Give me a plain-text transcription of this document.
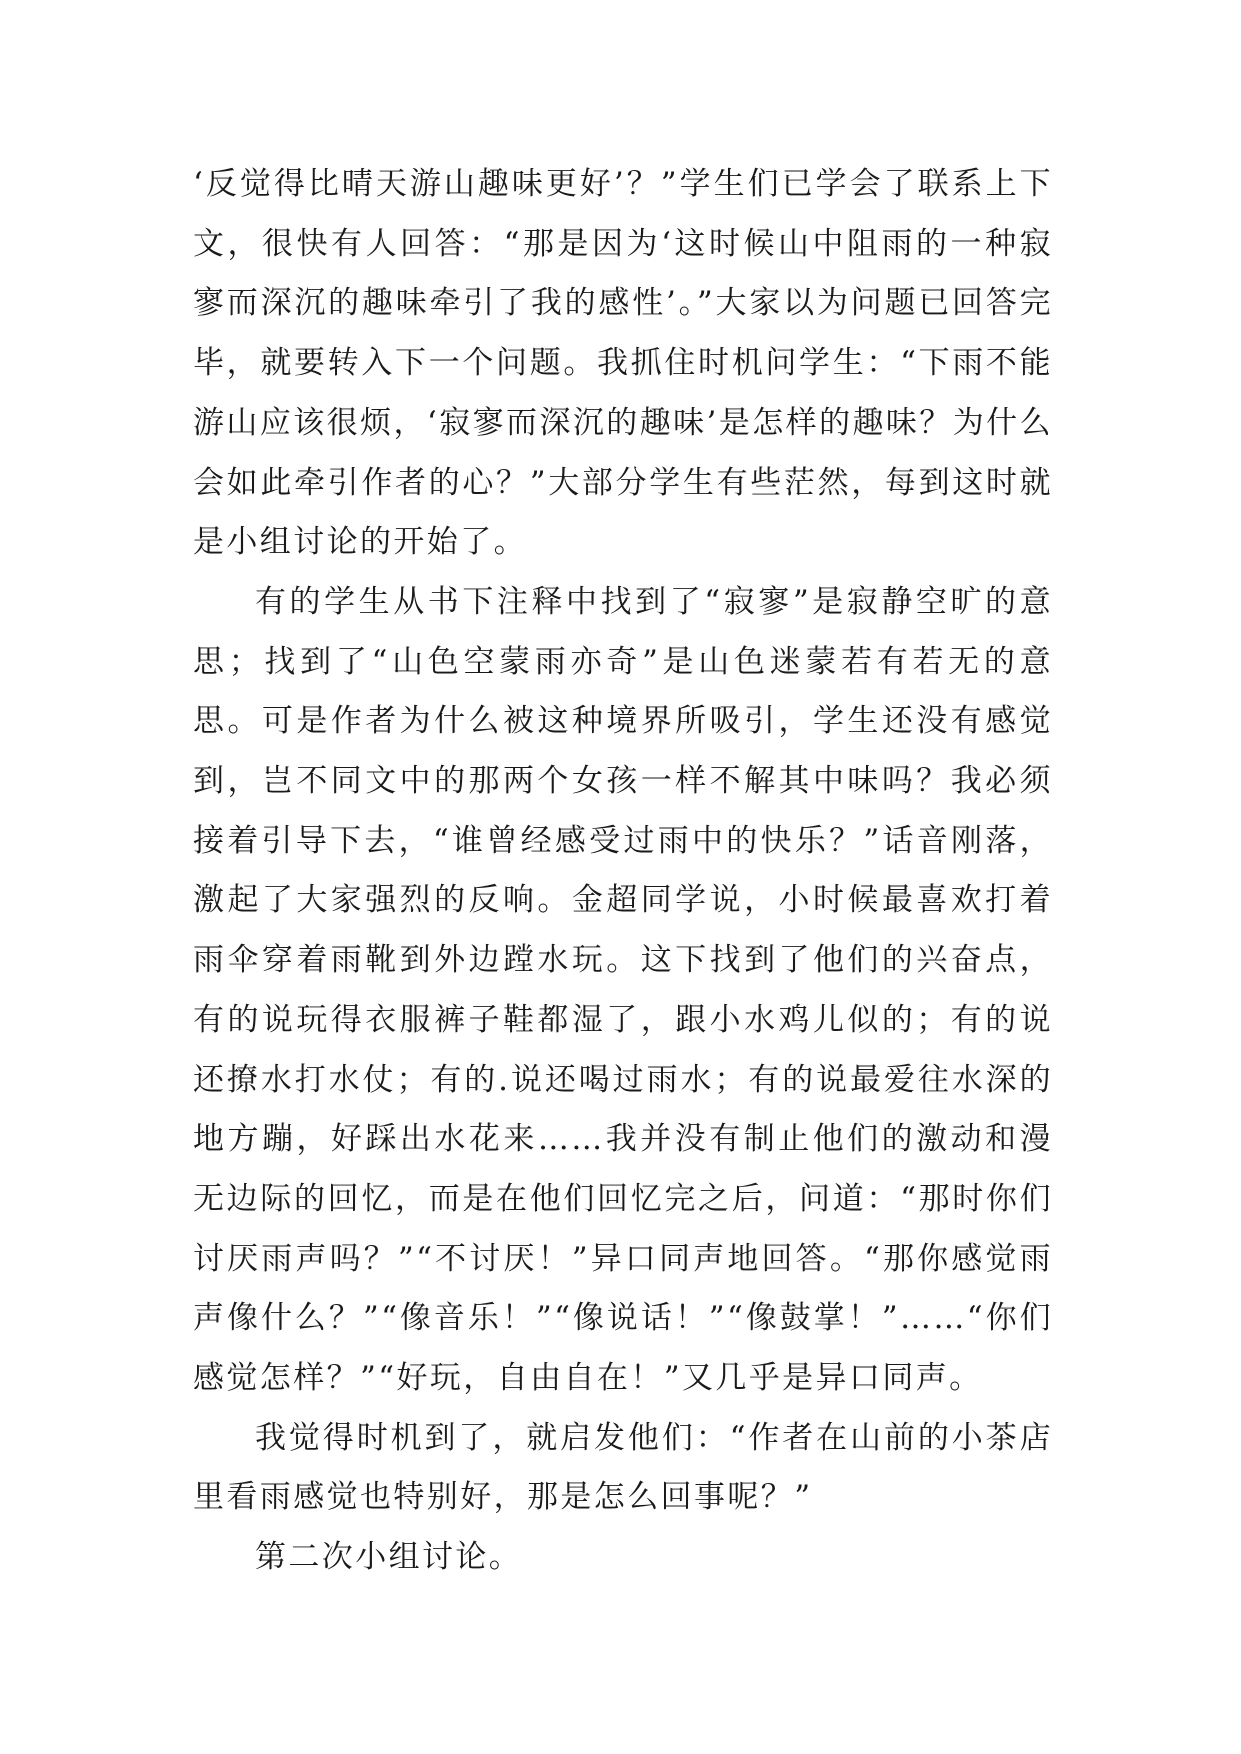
‘反觉得比晴天游山趣味更好’？”学生们已学会了联系上下文，很快有人回答：“那是因为‘这时候山中阻雨的一种寂寥而深沉的趣味牵引了我的感性’。”大家以为问题已回答完毕，就要转入下一个问题。我抓住时机问学生：“下雨不能游山应该很烦，‘寂寥而深沉的趣味’是怎样的趣味？为什么会如此牵引作者的心？”大部分学生有些茫然，每到这时就是小组讨论的开始了。

有的学生从书下注释中找到了“寂寥”是寂静空旷的意思；找到了“山色空蒙雨亦奇”是山色迷蒙若有若无的意思。可是作者为什么被这种境界所吸引，学生还没有感觉到，岂不同文中的那两个女孩一样不解其中味吗？我必须接着引导下去，“谁曾经感受过雨中的快乐？”话音刚落，激起了大家强烈的反响。金超同学说，小时候最喜欢打着雨伞穿着雨靴到外边蹚水玩。这下找到了他们的兴奋点，有的说玩得衣服裤子鞋都湿了，跟小水鸡儿似的；有的说还撩水打水仗；有的.说还喝过雨水；有的说最爱往水深的地方蹦，好踩出水花来……我并没有制止他们的激动和漫无边际的回忆，而是在他们回忆完之后，问道：“那时你们讨厌雨声吗？”“不讨厌！”异口同声地回答。“那你感觉雨声像什么？”“像音乐！”“像说话！”“像鼓掌！”……“你们感觉怎样？”“好玩，自由自在！”又几乎是异口同声。

我觉得时机到了，就启发他们：“作者在山前的小茶店里看雨感觉也特别好，那是怎么回事呢？”

第二次小组讨论。
